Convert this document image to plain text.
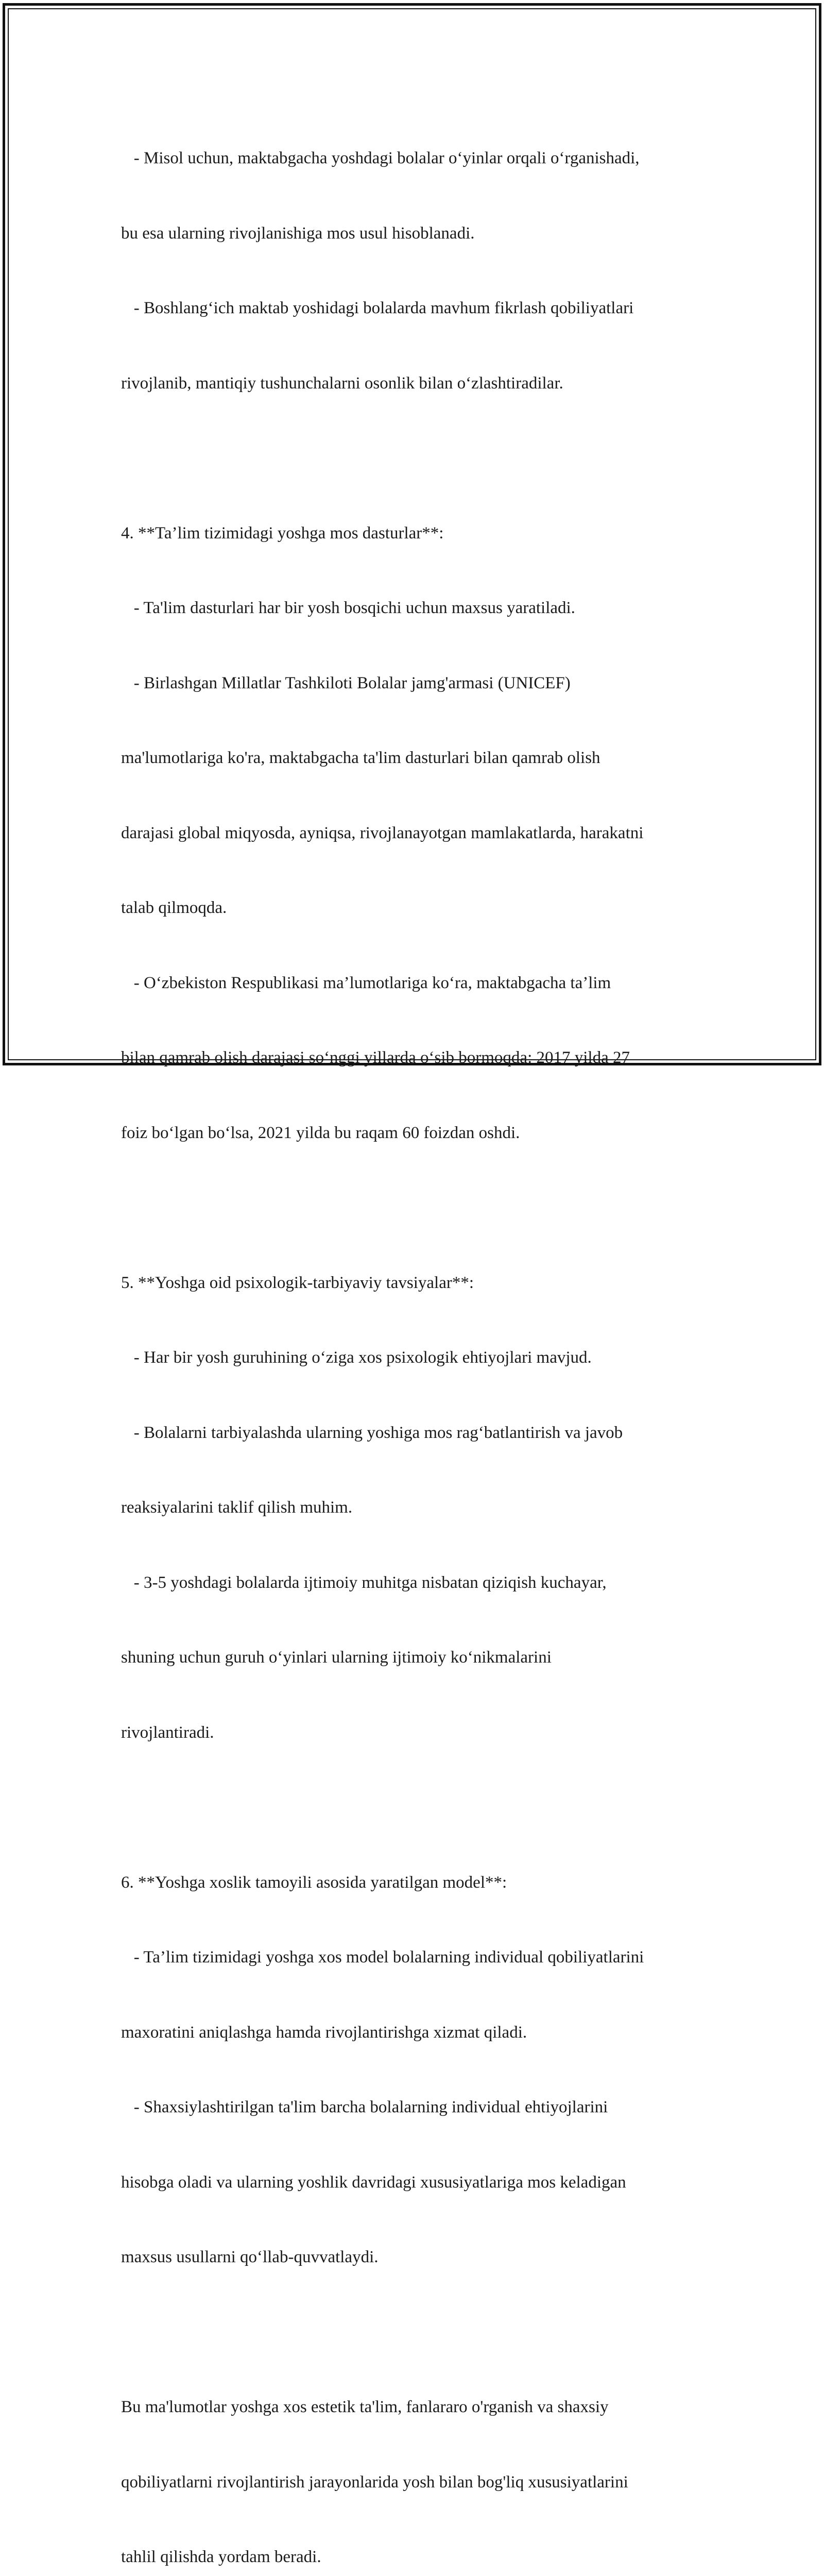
- Misol uchun, maktabgacha yoshdagi bolalar o‘yinlar orqali o‘rganishadi,

bu esa ularning rivojlanishiga mos usul hisoblanadi.

- Boshlang‘ich maktab yoshidagi bolalarda mavhum fikrlash qobiliyatlari

rivojlanib, mantiqiy tushunchalarni osonlik bilan o‘zlashtiradilar.

4. **Ta’lim tizimidagi yoshga mos dasturlar**:

- Ta'lim dasturlari har bir yosh bosqichi uchun maxsus yaratiladi.

- Birlashgan Millatlar Tashkiloti Bolalar jamg'armasi (UNICEF)

ma'lumotlariga ko'ra, maktabgacha ta'lim dasturlari bilan qamrab olish

darajasi global miqyosda, ayniqsa, rivojlanayotgan mamlakatlarda, harakatni

talab qilmoqda.

- O‘zbekiston Respublikasi ma’lumotlariga ko‘ra, maktabgacha ta’lim

bilan qamrab olish darajasi so‘nggi yillarda o‘sib bormoqda: 2017 yilda 27

foiz bo‘lgan bo‘lsa, 2021 yilda bu raqam 60 foizdan oshdi.

5. **Yoshga oid psixologik-tarbiyaviy tavsiyalar**:

- Har bir yosh guruhining o‘ziga xos psixologik ehtiyojlari mavjud.

- Bolalarni tarbiyalashda ularning yoshiga mos rag‘batlantirish va javob

reaksiyalarini taklif qilish muhim.

- 3-5 yoshdagi bolalarda ijtimoiy muhitga nisbatan qiziqish kuchayar,

shuning uchun guruh o‘yinlari ularning ijtimoiy ko‘nikmalarini

rivojlantiradi.

6. **Yoshga xoslik tamoyili asosida yaratilgan model**:

- Ta’lim tizimidagi yoshga xos model bolalarning individual qobiliyatlarini

maxoratini aniqlashga hamda rivojlantirishga xizmat qiladi.

- Shaxsiylashtirilgan ta'lim barcha bolalarning individual ehtiyojlarini

hisobga oladi va ularning yoshlik davridagi xususiyatlariga mos keladigan

maxsus usullarni qo‘llab-quvvatlaydi.

Bu ma'lumotlar yoshga xos estetik ta'lim, fanlararo o'rganish va shaxsiy

qobiliyatlarni rivojlantirish jarayonlarida yosh bilan bog'liq xususiyatlarini

tahlil qilishda yordam beradi.
